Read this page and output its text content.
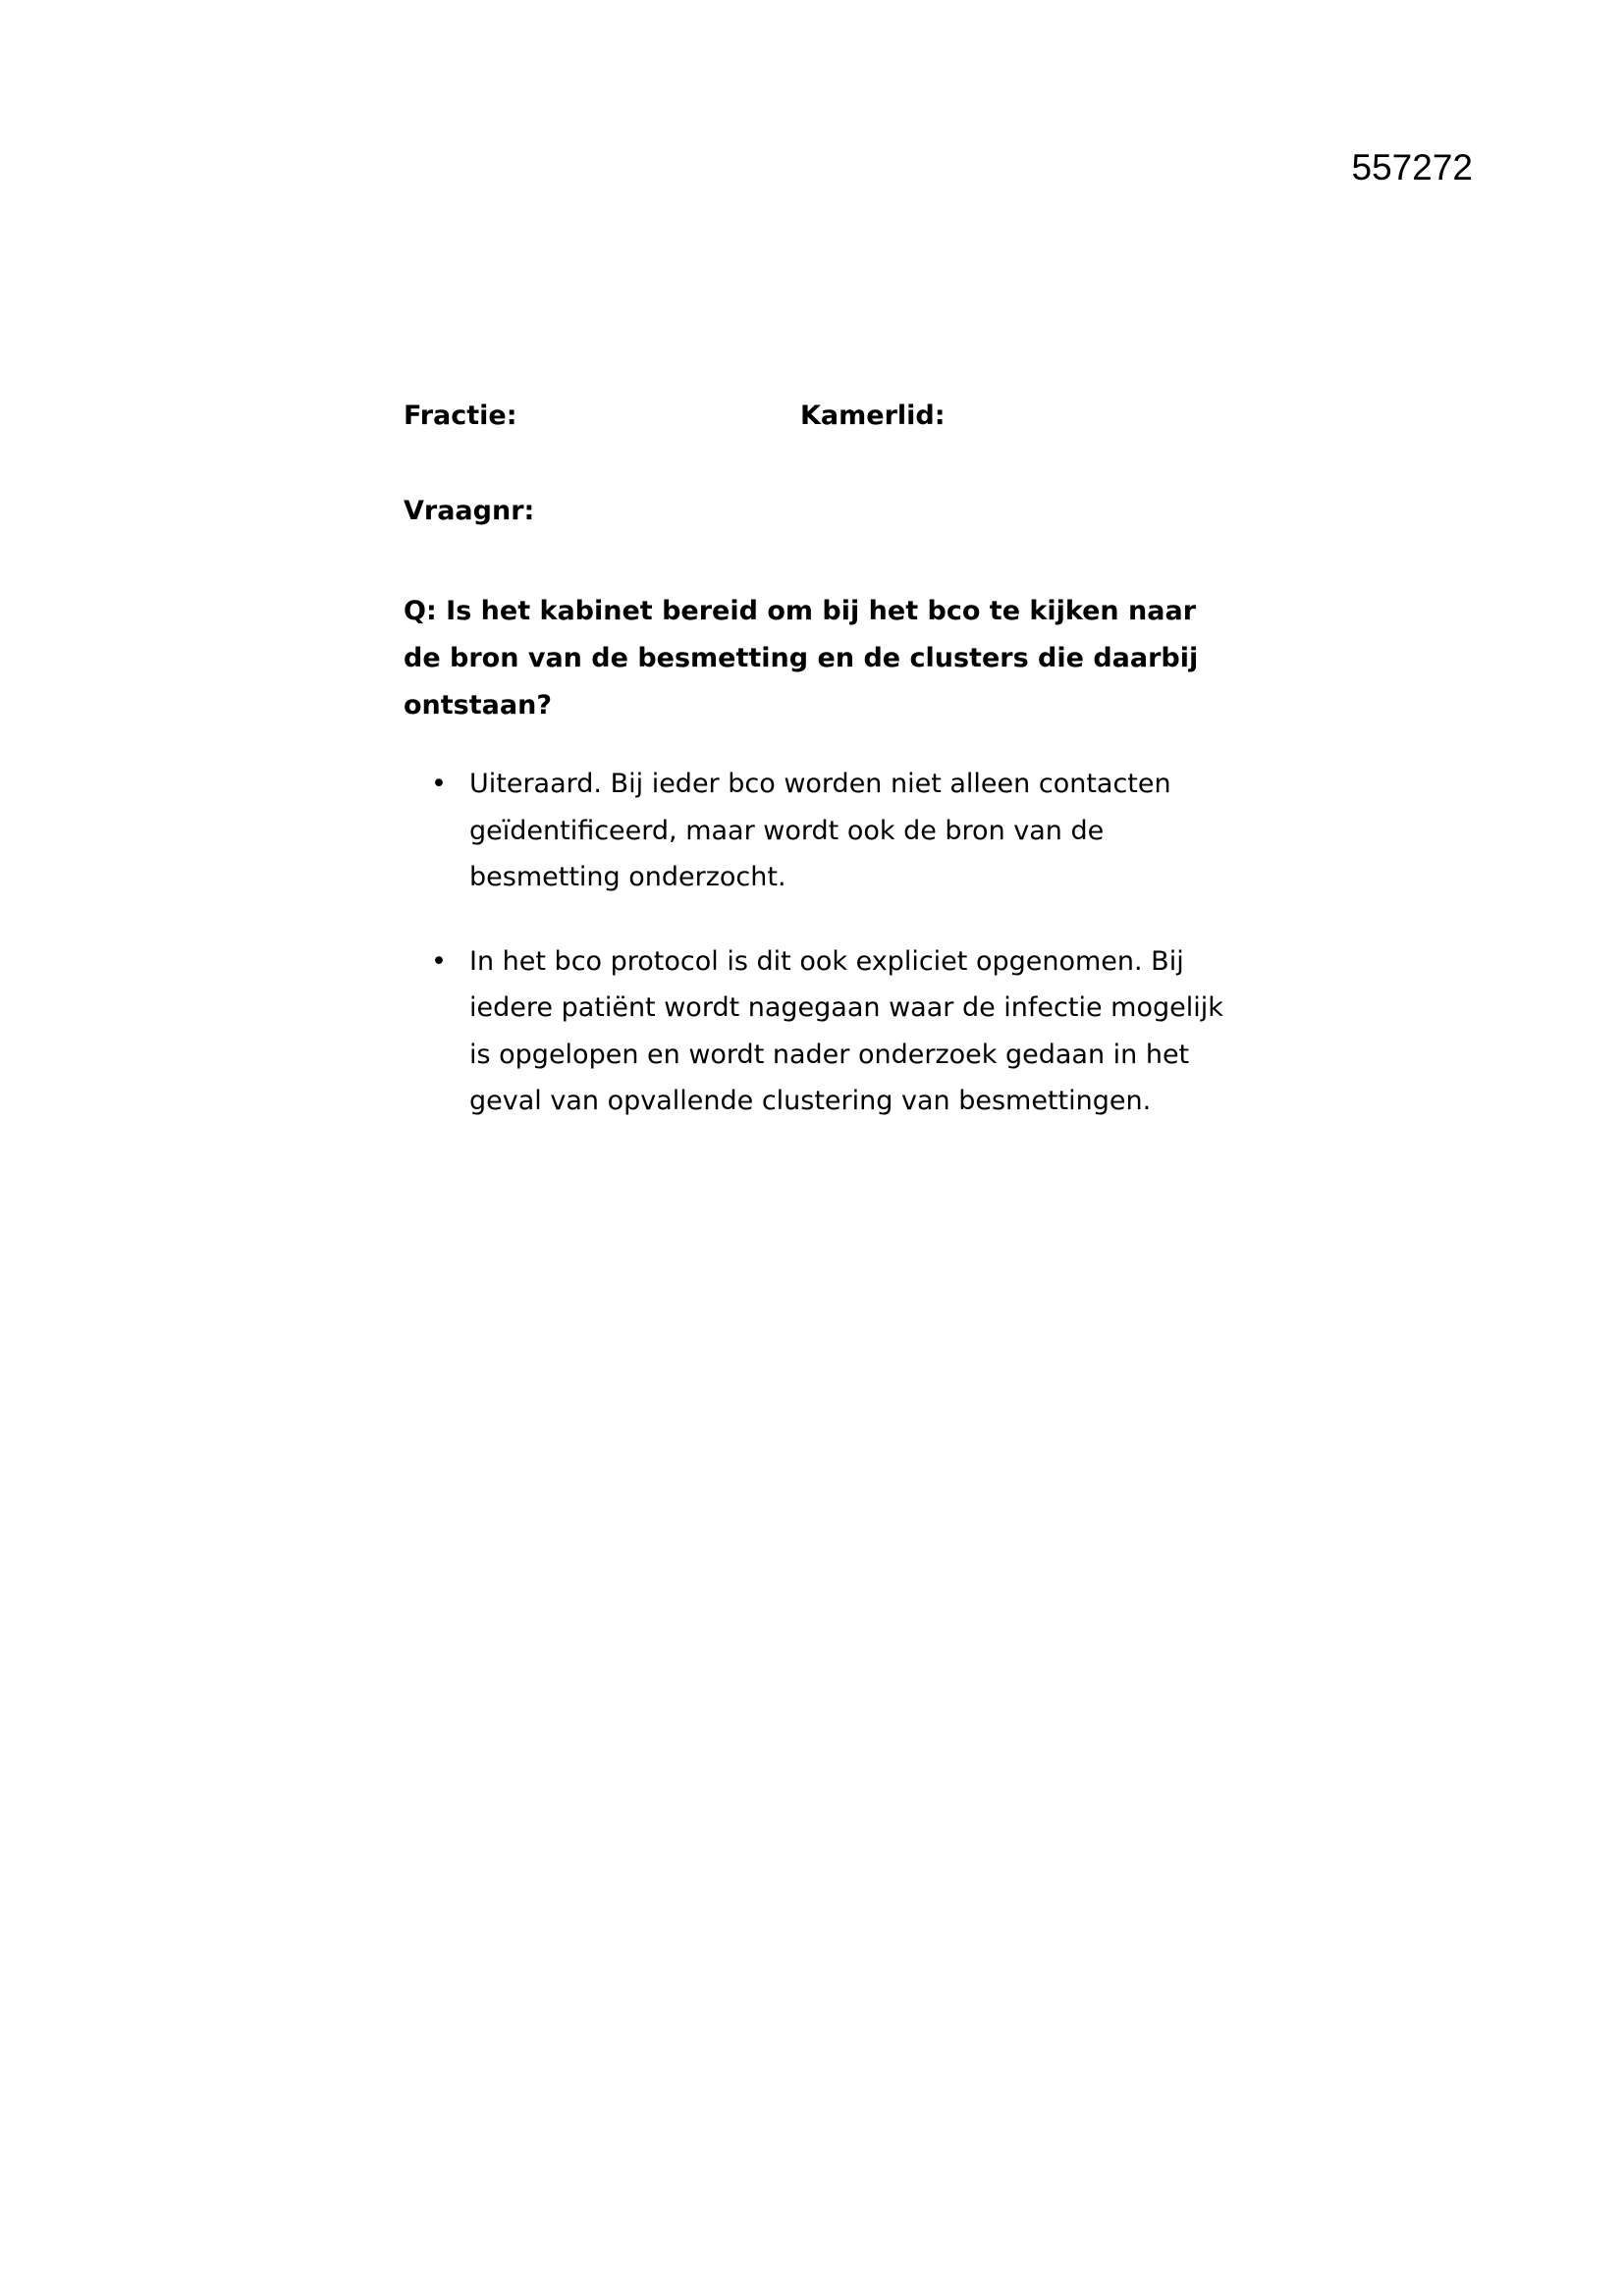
557272
Fractie:	Kamerlid:
Vraagnr:
Q: Is het kabinet bereid om bij het bco te kijken naar de bron van de besmetting en de clusters die daarbij ontstaan?
• Uiteraard. Bij ieder bco worden niet alleen contacten geïdentificeerd, maar wordt ook de bron van de besmetting onderzocht.
• In het bco protocol is dit ook expliciet opgenomen. Bij iedere patiënt wordt nagegaan waar de infectie mogelijk is opgelopen en wordt nader onderzoek gedaan in het geval van opvallende clustering van besmettingen.
